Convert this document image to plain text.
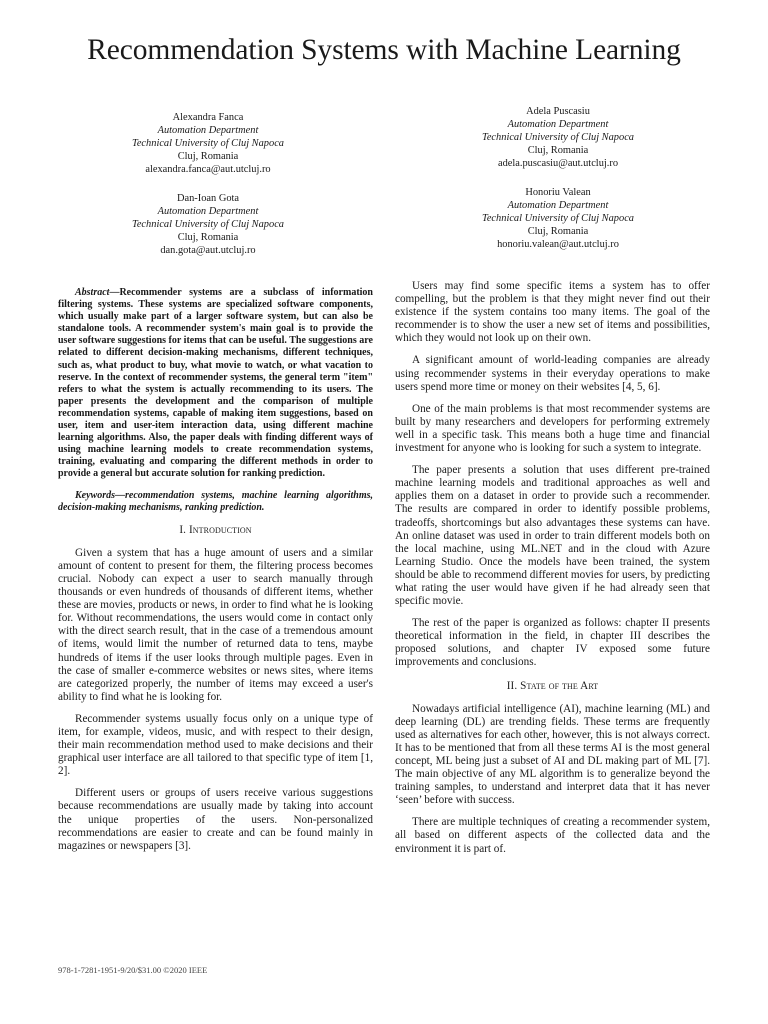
Recommendation Systems with Machine Learning
Alexandra Fanca
Automation Department
Technical University of Cluj Napoca
Cluj, Romania
alexandra.fanca@aut.utcluj.ro
Adela Puscasiu
Automation Department
Technical University of Cluj Napoca
Cluj, Romania
adela.puscasiu@aut.utcluj.ro
Dan-Ioan Gota
Automation Department
Technical University of Cluj Napoca
Cluj, Romania
dan.gota@aut.utcluj.ro
Honoriu Valean
Automation Department
Technical University of Cluj Napoca
Cluj, Romania
honoriu.valean@aut.utcluj.ro

Abstract—Recommender systems are a subclass of information filtering systems. These systems are specialized software components, which usually make part of a larger software system, but can also be standalone tools. A recommender system's main goal is to provide the user software suggestions for items that can be useful. The suggestions are related to different decision-making mechanisms, different techniques, such as, what product to buy, what movie to watch, or what vacation to reserve. In the context of recommender systems, the general term "item" refers to what the system is actually recommending to its users. The paper presents the development and the comparison of multiple recommendation systems, capable of making item suggestions, based on user, item and user-item interaction data, using different machine learning algorithms. Also, the paper deals with finding different ways of using machine learning models to create recommendation systems, training, evaluating and comparing the different methods in order to provide a general but accurate solution for ranking prediction.

Keywords—recommendation systems, machine learning algorithms, decision-making mechanisms, ranking prediction.

I. Introduction

Given a system that has a huge amount of users and a similar amount of content to present for them, the filtering process becomes crucial. Nobody can expect a user to search manually through thousands or even hundreds of thousands of different items, whether these are movies, products or news, in order to find what he is looking for. Without recommendations, the users would come in contact only with the direct search result, that in the case of a tremendous amount of items, would limit the number of returned data to tens, maybe hundreds of items if the user looks through multiple pages. Even in the case of smaller e-commerce websites or news sites, where items are categorized properly, the number of items may exceed a user's ability to find what he is looking for.

Recommender systems usually focus only on a unique type of item, for example, videos, music, and with respect to their design, their main recommendation method used to make decisions and their graphical user interface are all tailored to that specific type of item [1, 2].

Different users or groups of users receive various suggestions because recommendations are usually made by taking into account the unique properties of the users. Non-personalized recommendations are easier to create and can be found mainly in magazines or newspapers [3].

Users may find some specific items a system has to offer compelling, but the problem is that they might never find out their existence if the system contains too many items. The goal of the recommender is to show the user a new set of items and possibilities, which they would not look up on their own.

A significant amount of world-leading companies are already using recommender systems in their everyday operations to make users spend more time or money on their websites [4, 5, 6].

One of the main problems is that most recommender systems are built by many researchers and developers for performing extremely well in a specific task. This means both a huge time and financial investment for anyone who is looking for such a system to integrate.

The paper presents a solution that uses different pre-trained machine learning models and traditional approaches as well and applies them on a dataset in order to provide such a recommender. The results are compared in order to identify possible problems, tradeoffs, shortcomings but also advantages these systems can have. An online dataset was used in order to train different models both on the local machine, using ML.NET and in the cloud with Azure Learning Studio. Once the models have been trained, the system should be able to recommend different movies for users, by predicting what rating the user would have given if he had already seen that specific movie.

The rest of the paper is organized as follows: chapter II presents theoretical information in the field, in chapter III describes the proposed solutions, and chapter IV exposed some future improvements and conclusions.

II. State of the Art

Nowadays artificial intelligence (AI), machine learning (ML) and deep learning (DL) are trending fields. These terms are frequently used as alternatives for each other, however, this is not always correct. It has to be mentioned that from all these terms AI is the most general concept, ML being just a subset of AI and DL making part of ML [7]. The main objective of any ML algorithm is to generalize beyond the training samples, to understand and interpret data that it has never ‘seen’ before with success.

There are multiple techniques of creating a recommender system, all based on different aspects of the collected data and the environment it is part of.

978-1-7281-1951-9/20/$31.00 ©2020 IEEE
